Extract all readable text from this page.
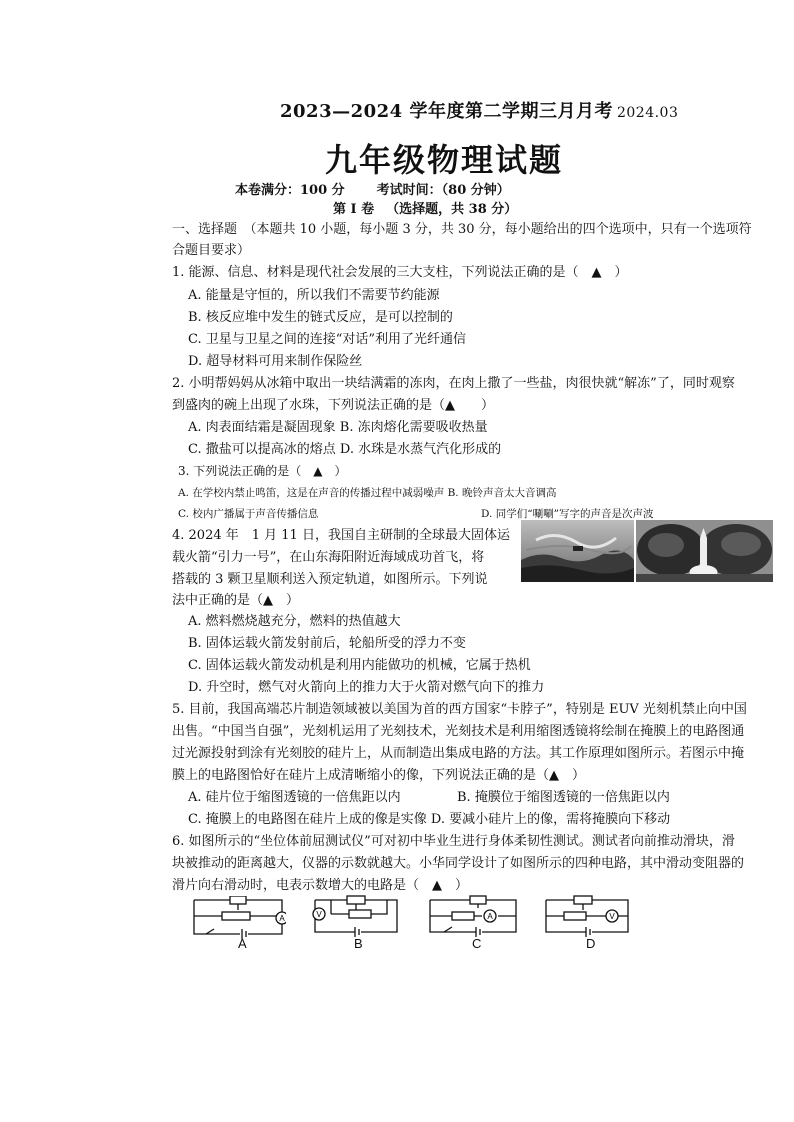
2023—2024 学年度第二学期三月月考 2024.03
九年级物理试题
本卷满分：100 分 考试时间：（80 分钟）
第 I 卷 （选择题，共 38 分）
一、选择题　（本题共 10 小题，每小题 3 分，共 30 分，每小题给出的四个选项中，只有一个选项符
合题目要求）
1. 能源、信息、材料是现代社会发展的三大支柱，下列说法正确的是（　▲　）
A. 能量是守恒的，所以我们不需要节约能源
B. 核反应堆中发生的链式反应，是可以控制的
C. 卫星与卫星之间的连接“对话”利用了光纤通信
D. 超导材料可用来制作保险丝
2. 小明帮妈妈从冰箱中取出一块结满霜的冻肉，在肉上撒了一些盐，肉很快就“解冻”了，同时观察
到盛肉的碗上出现了水珠，下列说法正确的是（▲　　）
A. 肉表面结霜是凝固现象 B. 冻肉熔化需要吸收热量
C. 撒盐可以提高冰的熔点 D. 水珠是水蒸气汽化形成的
3. 下列说法正确的是（　▲　）
A. 在学校内禁止鸣笛，这是在声音的传播过程中减弱噪声 B. 晚铃声音太大音调高
C. 校内广播属于声音传播信息	D. 同学们“唰唰”写字的声音是次声波
4. 2024 年　1 月 11 日，我国自主研制的全球最大固体运
载火箭“引力一号”，在山东海阳附近海域成功首飞，将
搭载的 3 颗卫星顺利送入预定轨道，如图所示。下列说
法中正确的是（▲　）
A. 燃料燃烧越充分，燃料的热值越大
B. 固体运载火箭发射前后，轮船所受的浮力不变
C. 固体运载火箭发动机是利用内能做功的机械，它属于热机
D. 升空时，燃气对火箭向上的推力大于火箭对燃气向下的推力
5. 目前，我国高端芯片制造领域被以美国为首的西方国家“卡脖子”，特别是 EUV 光刻机禁止向中国
出售。“中国当自强”，光刻机运用了光刻技术，光刻技术是利用缩图透镜将绘制在掩膜上的电路图通
过光源投射到涂有光刻胶的硅片上，从而制造出集成电路的方法。其工作原理如图所示。若图示中掩
膜上的电路图恰好在硅片上成清晰缩小的像，下列说法正确的是（▲　）
A. 硅片位于缩图透镜的一倍焦距以内	B. 掩膜位于缩图透镜的一倍焦距以内
C. 掩膜上的电路图在硅片上成的像是实像 D. 要减小硅片上的像，需将掩膜向下移动
6. 如图所示的“坐位体前屈测试仪”可对初中毕业生进行身体柔韧性测试。测试者向前推动滑块，滑
块被推动的距离越大，仪器的示数就越大。小华同学设计了如图所示的四种电路，其中滑动变阻器的
滑片向右滑动时，电表示数增大的电路是（　▲　）
A	V	A	V
A	B	C	D
